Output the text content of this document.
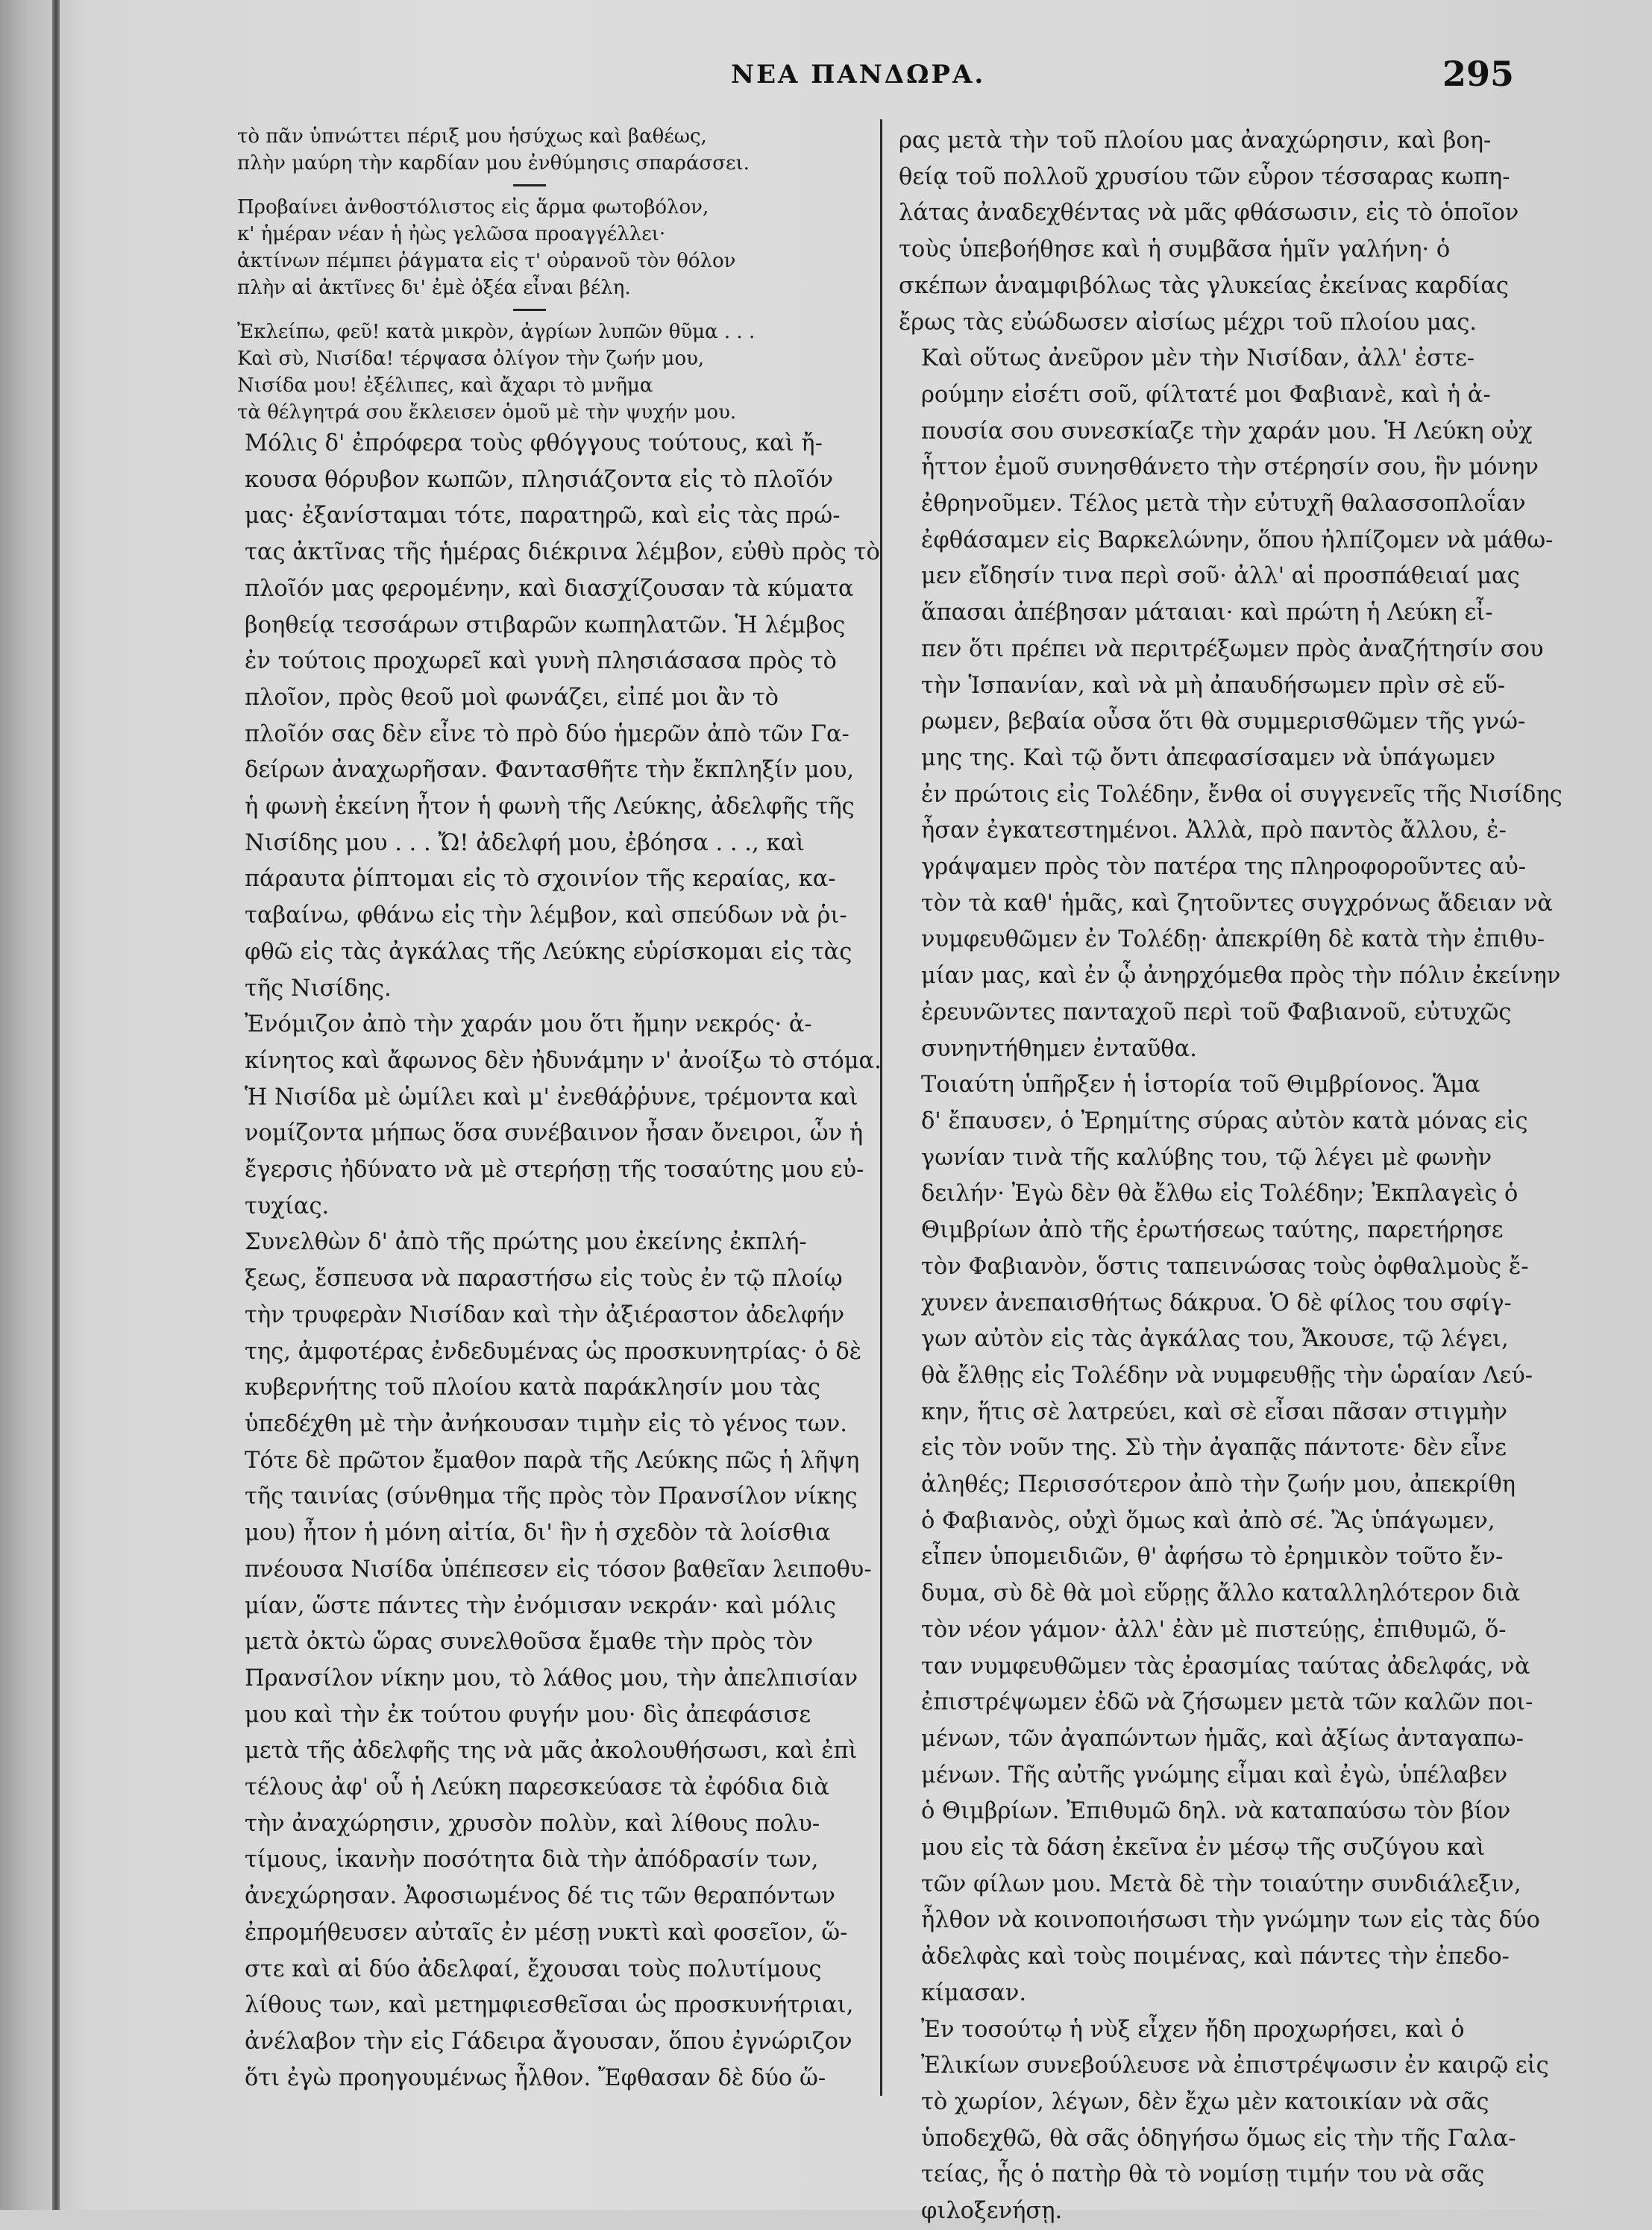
ΝΕΑ ΠΑΝΔΩΡΑ.	295
τὸ πᾶν ὑπνώττει πέριξ μου ἡσύχως καὶ βαθέως,
πλὴν μαύρη τὴν καρδίαν μου ἐνθύμησις σπαράσσει.
Προβαίνει ἀνθοστόλιστος εἰς ἅρμα φωτοβόλον,
κ' ἡμέραν νέαν ἡ ἠὼς γελῶσα προαγγέλλει·
ἀκτίνων πέμπει ῥάγματα εἰς τ' οὐρανοῦ τὸν θόλον
πλὴν αἱ ἀκτῖνες δι' ἐμὲ ὀξέα εἶναι βέλη.
Ἐκλείπω, φεῦ! κατὰ μικρὸν, ἀγρίων λυπῶν θῦμα . . .
Καὶ σὺ, Νισίδα! τέρψασα ὀλίγον τὴν ζωήν μου,
Νισίδα μου! ἐξέλιπες, καὶ ἄχαρι τὸ μνῆμα
τὰ θέλγητρά σου ἔκλεισεν ὁμοῦ μὲ τὴν ψυχήν μου.
Μόλις δ' ἐπρόφερα τοὺς φθόγγους τούτους, καὶ ἤ-
κουσα θόρυβον κωπῶν, πλησιάζοντα εἰς τὸ πλοῖόν
μας· ἐξανίσταμαι τότε, παρατηρῶ, καὶ εἰς τὰς πρώ-
τας ἀκτῖνας τῆς ἡμέρας διέκρινα λέμβον, εὐθὺ πρὸς τὸ
πλοῖόν μας φερομένην, καὶ διασχίζουσαν τὰ κύματα
βοηθείᾳ τεσσάρων στιβαρῶν κωπηλατῶν. Ἡ λέμβος
ἐν τούτοις προχωρεῖ καὶ γυνὴ πλησιάσασα πρὸς τὸ
πλοῖον, πρὸς θεοῦ μοὶ φωνάζει, εἰπέ μοι ἂν τὸ
πλοῖόν σας δὲν εἶνε τὸ πρὸ δύο ἡμερῶν ἀπὸ τῶν Γα-
δείρων ἀναχωρῆσαν. Φαντασθῆτε τὴν ἔκπληξίν μου,
ἡ φωνὴ ἐκείνη ἦτον ἡ φωνὴ τῆς Λεύκης, ἀδελφῆς τῆς
Νισίδης μου . . . Ὤ! ἀδελφή μου, ἐβόησα . . ., καὶ
πάραυτα ῥίπτομαι εἰς τὸ σχοινίον τῆς κεραίας, κα-
ταβαίνω, φθάνω εἰς τὴν λέμβον, καὶ σπεύδων νὰ ῥι-
φθῶ εἰς τὰς ἀγκάλας τῆς Λεύκης εὑρίσκομαι εἰς τὰς
τῆς Νισίδης.
Ἐνόμιζον ἀπὸ τὴν χαράν μου ὅτι ἤμην νεκρός· ἀ-
κίνητος καὶ ἄφωνος δὲν ἠδυνάμην ν' ἀνοίξω τὸ στόμα.
Ἡ Νισίδα μὲ ὡμίλει καὶ μ' ἐνεθάῤῥυνε, τρέμοντα καὶ
νομίζοντα μήπως ὅσα συνέβαινον ἦσαν ὄνειροι, ὧν ἡ
ἔγερσις ἠδύνατο νὰ μὲ στερήσῃ τῆς τοσαύτης μου εὐ-
τυχίας.
Συνελθὼν δ' ἀπὸ τῆς πρώτης μου ἐκείνης ἐκπλή-
ξεως, ἔσπευσα νὰ παραστήσω εἰς τοὺς ἐν τῷ πλοίῳ
τὴν τρυφερὰν Νισίδαν καὶ τὴν ἀξιέραστον ἀδελφήν
της, ἀμφοτέρας ἐνδεδυμένας ὡς προσκυνητρίας· ὁ δὲ
κυβερνήτης τοῦ πλοίου κατὰ παράκλησίν μου τὰς
ὑπεδέχθη μὲ τὴν ἀνήκουσαν τιμὴν εἰς τὸ γένος των.
Τότε δὲ πρῶτον ἔμαθον παρὰ τῆς Λεύκης πῶς ἡ λῆψη
τῆς ταινίας (σύνθημα τῆς πρὸς τὸν Πρανσίλον νίκης
μου) ἦτον ἡ μόνη αἰτία, δι' ἣν ἡ σχεδὸν τὰ λοίσθια
πνέουσα Νισίδα ὑπέπεσεν εἰς τόσον βαθεῖαν λειποθυ-
μίαν, ὥστε πάντες τὴν ἐνόμισαν νεκράν· καὶ μόλις
μετὰ ὀκτὼ ὥρας συνελθοῦσα ἔμαθε τὴν πρὸς τὸν
Πρανσίλον νίκην μου, τὸ λάθος μου, τὴν ἀπελπισίαν
μου καὶ τὴν ἐκ τούτου φυγήν μου· δὶς ἀπεφάσισε
μετὰ τῆς ἀδελφῆς της νὰ μᾶς ἀκολουθήσωσι, καὶ ἐπὶ
τέλους ἀφ' οὗ ἡ Λεύκη παρεσκεύασε τὰ ἐφόδια διὰ
τὴν ἀναχώρησιν, χρυσὸν πολὺν, καὶ λίθους πολυ-
τίμους, ἱκανὴν ποσότητα διὰ τὴν ἀπόδρασίν των,
ἀνεχώρησαν. Ἀφοσιωμένος δέ τις τῶν θεραπόντων
ἐπρομήθευσεν αὐταῖς ἐν μέσῃ νυκτὶ καὶ φοσεῖον, ὥ-
στε καὶ αἱ δύο ἀδελφαί, ἔχουσαι τοὺς πολυτίμους
λίθους των, καὶ μετημφιεσθεῖσαι ὡς προσκυνήτριαι,
ἀνέλαβον τὴν εἰς Γάδειρα ἄγουσαν, ὅπου ἐγνώριζον
ὅτι ἐγὼ προηγουμένως ἦλθον. Ἔφθασαν δὲ δύο ὥ-
ρας μετὰ τὴν τοῦ πλοίου μας ἀναχώρησιν, καὶ βοη-
θείᾳ τοῦ πολλοῦ χρυσίου τῶν εὗρον τέσσαρας κωπη-
λάτας ἀναδεχθέντας νὰ μᾶς φθάσωσιν, εἰς τὸ ὁποῖον
τοὺς ὑπεβοήθησε καὶ ἡ συμβᾶσα ἡμῖν γαλήνη· ὁ
σκέπων ἀναμφιβόλως τὰς γλυκείας ἐκείνας καρδίας
ἔρως τὰς εὐώδωσεν αἰσίως μέχρι τοῦ πλοίου μας.
Καὶ οὕτως ἀνεῦρον μὲν τὴν Νισίδαν, ἀλλ' ἐστε-
ρούμην εἰσέτι σοῦ, φίλτατέ μοι Φαβιανὲ, καὶ ἡ ἀ-
πουσία σου συνεσκίαζε τὴν χαράν μου. Ἡ Λεύκη οὐχ
ἧττον ἐμοῦ συνησθάνετο τὴν στέρησίν σου, ἣν μόνην
ἐθρηνοῦμεν. Τέλος μετὰ τὴν εὐτυχῆ θαλασσοπλοΐαν
ἐφθάσαμεν εἰς Βαρκελώνην, ὅπου ἠλπίζομεν νὰ μάθω-
μεν εἴδησίν τινα περὶ σοῦ· ἀλλ' αἱ προσπάθειαί μας
ἅπασαι ἀπέβησαν μάταιαι· καὶ πρώτη ἡ Λεύκη εἶ-
πεν ὅτι πρέπει νὰ περιτρέξωμεν πρὸς ἀναζήτησίν σου
τὴν Ἱσπανίαν, καὶ νὰ μὴ ἀπαυδήσωμεν πρὶν σὲ εὕ-
ρωμεν, βεβαία οὖσα ὅτι θὰ συμμερισθῶμεν τῆς γνώ-
μης της. Καὶ τῷ ὄντι ἀπεφασίσαμεν νὰ ὑπάγωμεν
ἐν πρώτοις εἰς Τολέδην, ἔνθα οἱ συγγενεῖς τῆς Νισίδης
ἦσαν ἐγκατεστημένοι. Ἀλλὰ, πρὸ παντὸς ἄλλου, ἐ-
γράψαμεν πρὸς τὸν πατέρα της πληροφοροῦντες αὐ-
τὸν τὰ καθ' ἡμᾶς, καὶ ζητοῦντες συγχρόνως ἄδειαν νὰ
νυμφευθῶμεν ἐν Τολέδῃ· ἀπεκρίθη δὲ κατὰ τὴν ἐπιθυ-
μίαν μας, καὶ ἐν ᾧ ἀνηρχόμεθα πρὸς τὴν πόλιν ἐκείνην
ἐρευνῶντες πανταχοῦ περὶ τοῦ Φαβιανοῦ, εὐτυχῶς
συνηντήθημεν ἐνταῦθα.
Τοιαύτη ὑπῆρξεν ἡ ἱστορία τοῦ Θιμβρίονος. Ἅμα
δ' ἔπαυσεν, ὁ Ἐρημίτης σύρας αὐτὸν κατὰ μόνας εἰς
γωνίαν τινὰ τῆς καλύβης του, τῷ λέγει μὲ φωνὴν
δειλήν· Ἐγὼ δὲν θὰ ἔλθω εἰς Τολέδην; Ἐκπλαγεὶς ὁ
Θιμβρίων ἀπὸ τῆς ἐρωτήσεως ταύτης, παρετήρησε
τὸν Φαβιανὸν, ὅστις ταπεινώσας τοὺς ὀφθαλμοὺς ἔ-
χυνεν ἀνεπαισθήτως δάκρυα. Ὁ δὲ φίλος του σφίγ-
γων αὐτὸν εἰς τὰς ἀγκάλας του, Ἄκουσε, τῷ λέγει,
θὰ ἔλθῃς εἰς Τολέδην νὰ νυμφευθῇς τὴν ὡραίαν Λεύ-
κην, ἥτις σὲ λατρεύει, καὶ σὲ εἶσαι πᾶσαν στιγμὴν
εἰς τὸν νοῦν της. Σὺ τὴν ἀγαπᾷς πάντοτε· δὲν εἶνε
ἀληθές; Περισσότερον ἀπὸ τὴν ζωήν μου, ἀπεκρίθη
ὁ Φαβιανὸς, οὐχὶ ὅμως καὶ ἀπὸ σέ. Ἂς ὑπάγωμεν,
εἶπεν ὑπομειδιῶν, θ' ἀφήσω τὸ ἐρημικὸν τοῦτο ἔν-
δυμα, σὺ δὲ θὰ μοὶ εὕρῃς ἄλλο καταλληλότερον διὰ
τὸν νέον γάμον· ἀλλ' ἐὰν μὲ πιστεύῃς, ἐπιθυμῶ, ὅ-
ταν νυμφευθῶμεν τὰς ἐρασμίας ταύτας ἀδελφάς, νὰ
ἐπιστρέψωμεν ἐδῶ νὰ ζήσωμεν μετὰ τῶν καλῶν ποι-
μένων, τῶν ἀγαπώντων ἡμᾶς, καὶ ἀξίως ἀνταγαπω-
μένων. Τῆς αὐτῆς γνώμης εἶμαι καὶ ἐγὼ, ὑπέλαβεν
ὁ Θιμβρίων. Ἐπιθυμῶ δηλ. νὰ καταπαύσω τὸν βίον
μου εἰς τὰ δάση ἐκεῖνα ἐν μέσῳ τῆς συζύγου καὶ
τῶν φίλων μου. Μετὰ δὲ τὴν τοιαύτην συνδιάλεξιν,
ἦλθον νὰ κοινοποιήσωσι τὴν γνώμην των εἰς τὰς δύο
ἀδελφὰς καὶ τοὺς ποιμένας, καὶ πάντες τὴν ἐπεδο-
κίμασαν.
Ἐν τοσούτῳ ἡ νὺξ εἶχεν ἤδη προχωρήσει, καὶ ὁ
Ἐλικίων συνεβούλευσε νὰ ἐπιστρέψωσιν ἐν καιρῷ εἰς
τὸ χωρίον, λέγων, δὲν ἔχω μὲν κατοικίαν νὰ σᾶς
ὑποδεχθῶ, θὰ σᾶς ὁδηγήσω ὅμως εἰς τὴν τῆς Γαλα-
τείας, ἧς ὁ πατὴρ θὰ τὸ νομίσῃ τιμήν του νὰ σᾶς
φιλοξενήσῃ.
